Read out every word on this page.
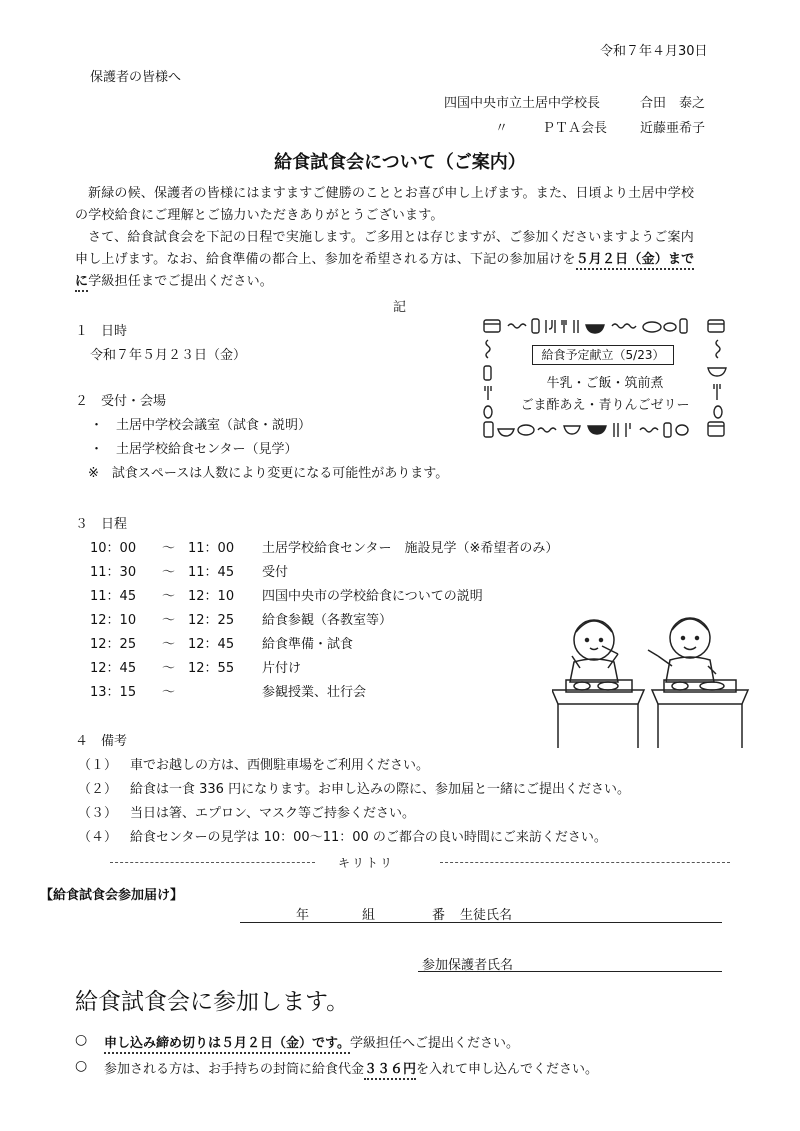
令和７年４月30日
保護者の皆様へ
四国中央市立土居中学校長	合田　泰之
〃	ＰＴＡ会長	近藤亜希子
給食試食会について（ご案内）
新緑の候、保護者の皆様にはますますご健勝のこととお喜び申し上げます。また、日頃より土居中学校
の学校給食にご理解とご協力いただきありがとうございます。
さて、給食試食会を下記の日程で実施します。ご多用とは存じますが、ご参加くださいますようご案内
申し上げます。なお、給食準備の都合上、参加を希望される方は、下記の参加届けを５月２日（金）まで
に学級担任までご提出ください。
記
１　日時
令和７年５月２３日（金）	給食予定献立（5/23）
牛乳・ご飯・筑前煮
ごま酢あえ・青りんごゼリー
２　受付・会場
・　土居中学校会議室（試食・説明）
・　土居学校給食センター（見学）
※　試食スペースは人数により変更になる可能性があります。
３　日程
10：00 ～ 11：00 土居学校給食センター　施設見学（※希望者のみ）
11：30 ～ 11：45 受付
11：45 ～ 12：10 四国中央市の学校給食についての説明
12：10 ～ 12：25 給食参観（各教室等）
12：25 ～ 12：45 給食準備・試食
12：45 ～ 12：55 片付け
13：15 ～	参観授業、壮行会
４　備考
（１） 車でお越しの方は、西側駐車場をご利用ください。
（２） 給食は一食 336 円になります。お申し込みの際に、参加届と一緒にご提出ください。
（３） 当日は箸、エプロン、マスク等ご持参ください。
（４） 給食センターの見学は 10：00～11：00 のご都合の良い時間にご来訪ください。
キリトリ
【給食試食会参加届け】
年	組	番 生徒氏名
参加保護者氏名
給食試食会に参加します。
○ 申し込み締め切りは５月２日（金）です。学級担任へご提出ください。
○ 参加される方は、お手持ちの封筒に給食代金３３６円を入れて申し込んでください。
